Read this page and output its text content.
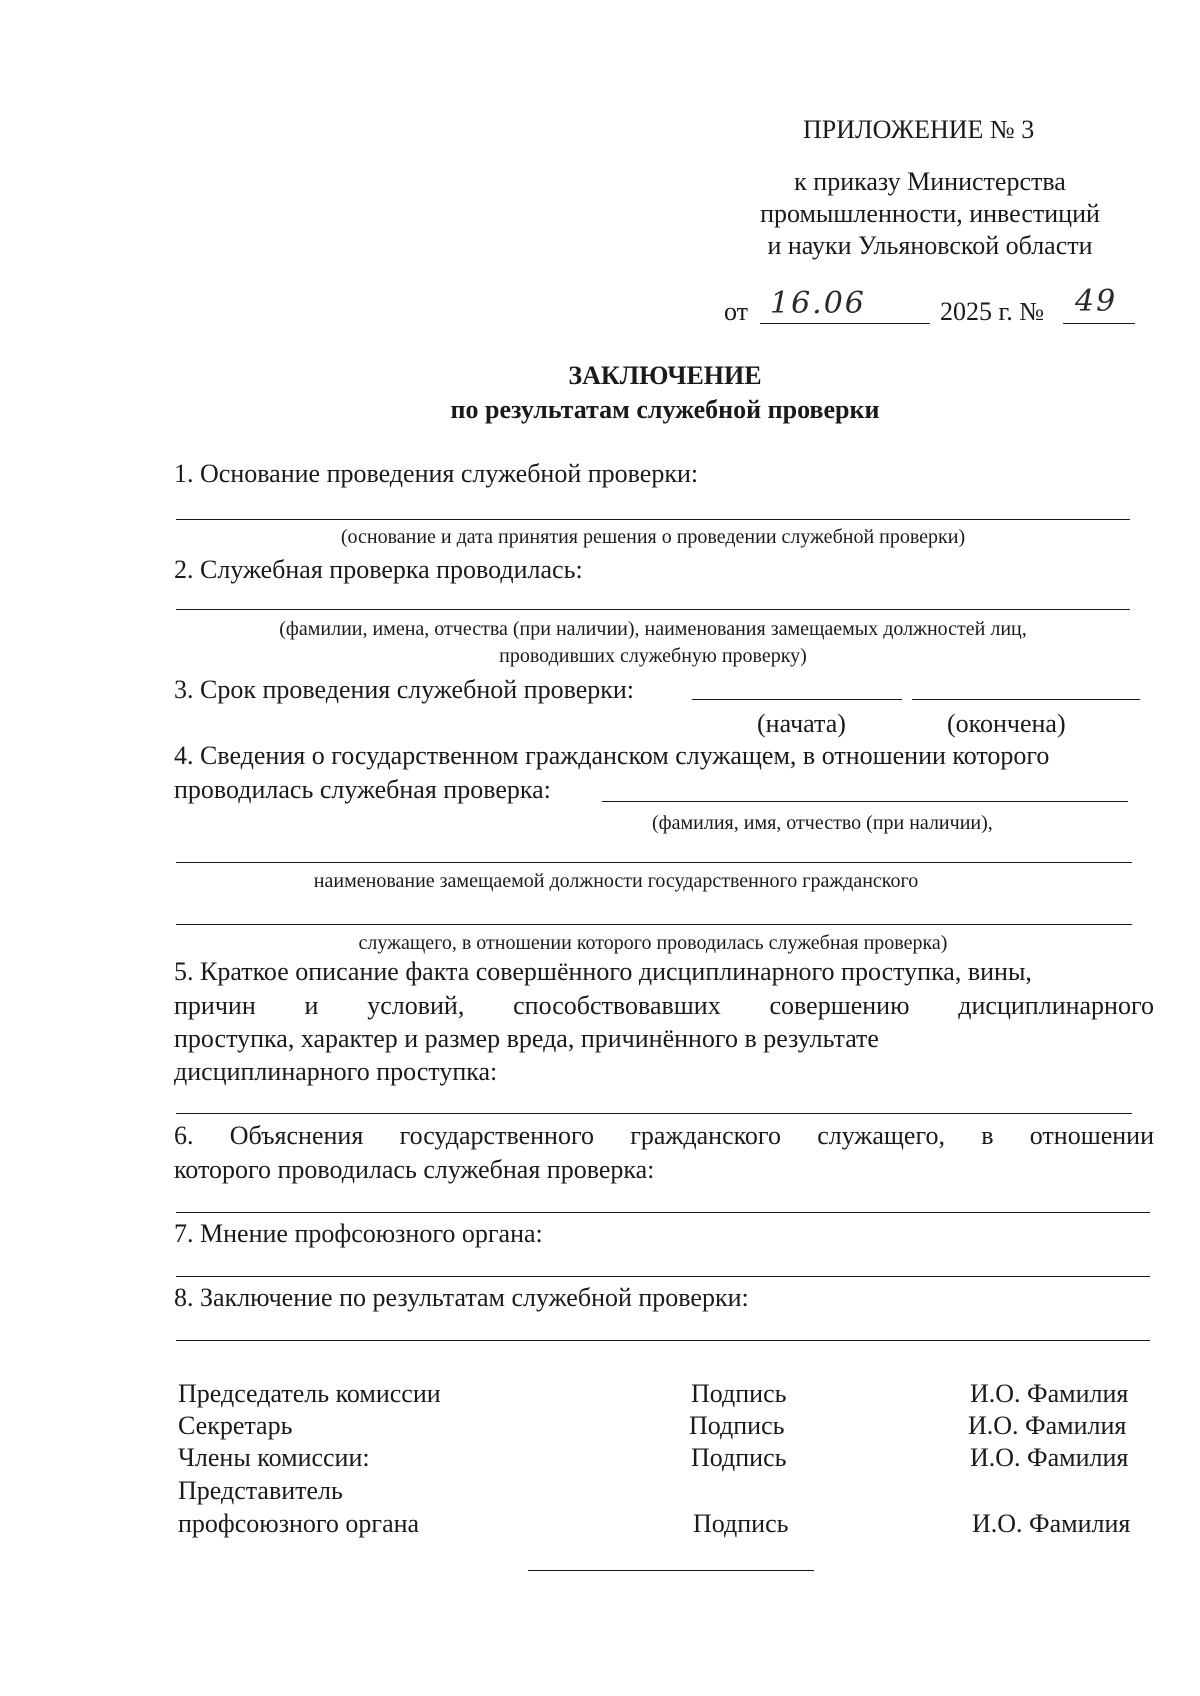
ПРИЛОЖЕНИЕ № 3
к приказу Министерства
промышленности, инвестиций
и науки Ульяновской области
от 16.06	2025 г. № 49
ЗАКЛЮЧЕНИЕ
по результатам служебной проверки
1. Основание проведения служебной проверки:
(основание и дата принятия решения о проведении служебной проверки)
2. Служебная проверка проводилась:
(фамилии, имена, отчества (при наличии), наименования замещаемых должностей лиц,
проводивших служебную проверку)
3. Срок проведения служебной проверки:
(начата)	(окончена)
4. Сведения о государственном гражданском служащем, в отношении которого
проводилась служебная проверка:
(фамилия, имя, отчество (при наличии),
наименование замещаемой должности государственного гражданского
служащего, в отношении которого проводилась служебная проверка)
5. Краткое описание факта совершённого дисциплинарного проступка, вины,
причин и условий, способствовавших совершению дисциплинарного
проступка, характер и размер вреда, причинённого в результате
дисциплинарного проступка:
6. Объяснения государственного гражданского служащего, в отношении
которого проводилась служебная проверка:
7. Мнение профсоюзного органа:
8. Заключение по результатам служебной проверки:
Председатель комиссии	Подпись	И.О. Фамилия
Секретарь	Подпись	И.О. Фамилия
Члены комиссии:	Подпись	И.О. Фамилия
Представитель
профсоюзного органа	Подпись	И.О. Фамилия
